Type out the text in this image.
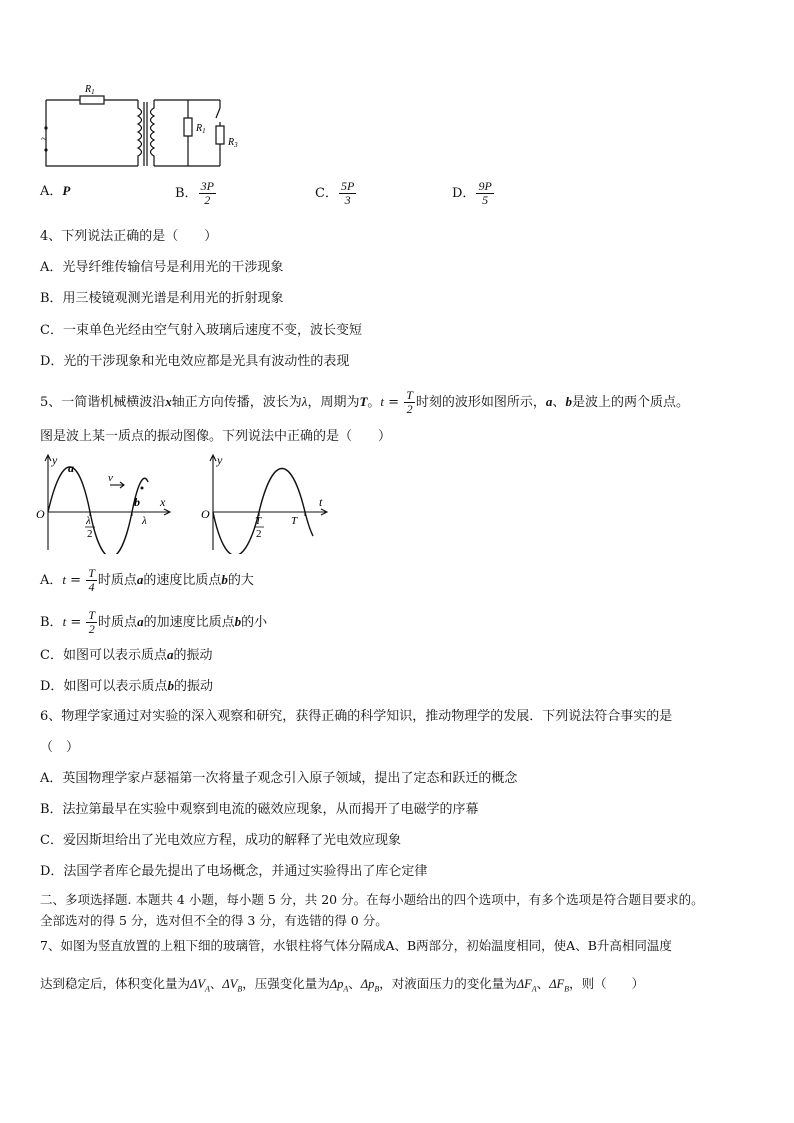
~
$R_1$
$R_1$
$R_3$
A．P	B． $\frac{3P}{2}$	C． $\frac{5P}{3}$	D． $\frac{9P}{5}$
4、下列说法正确的是（　　）
A．光导纤维传输信号是利用光的干涉现象
B．用三棱镜观测光谱是利用光的折射现象
C．一束单色光经由空气射入玻璃后速度不变，波长变短
D．光的干涉现象和光电效应都是光具有波动性的表现
5、一简谐机械横波沿x轴正方向传播，波长为λ，周期为T。$t = \frac{T}{2}$ 时刻的波形如图所示，a、b是波上的两个质点。
图是波上某一质点的振动图像。下列说法中正确的是（　　）
y
a
v
b x
O	λ
2
λ
y
t
O	T
2
T
A．$t = \frac{T}{4}$ 时质点a的速度比质点b的大
B．$t = \frac{T}{2}$ 时质点a的加速度比质点b的小
C．如图可以表示质点a的振动
D．如图可以表示质点b的振动
6、物理学家通过对实验的深入观察和研究，获得正确的科学知识，推动物理学的发展．下列说法符合事实的是
（　）
A．英国物理学家卢瑟福第一次将量子观念引入原子领域，提出了定态和跃迁的概念
B．法拉第最早在实验中观察到电流的磁效应现象，从而揭开了电磁学的序幕
C．爱因斯坦给出了光电效应方程，成功的解释了光电效应现象
D．法国学者库仑最先提出了电场概念，并通过实验得出了库仑定律
二、多项选择题. 本题共 4 小题，每小题 5 分，共 20 分。在每小题给出的四个选项中，有多个选项是符合题目要求的。
全部选对的得 5 分，选对但不全的得 3 分，有选错的得 0 分。
7、如图为竖直放置的上粗下细的玻璃管，水银柱将气体分隔成A、B两部分，初始温度相同，使A、B升高相同温度
达到稳定后，体积变化量为$\Delta V_A$、$\Delta V_B$，压强变化量为$\Delta p_A$、$\Delta p_B$，对液面压力的变化量为$\Delta F_A$、$\Delta F_B$，则（　　）
